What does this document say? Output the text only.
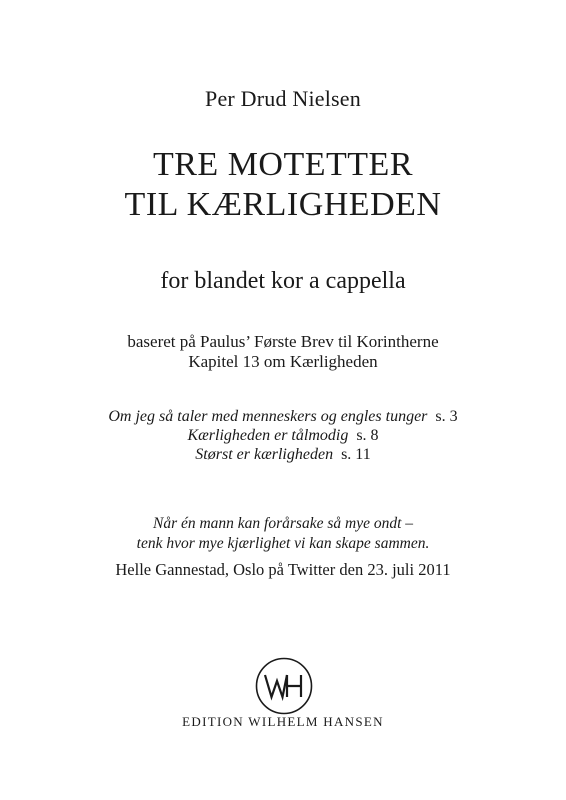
Per Drud Nielsen
TRE MOTETTER
TIL KÆRLIGHEDEN
for blandet kor a cappella
baseret på Paulus’ Første Brev til Korintherne
Kapitel 13 om Kærligheden
Om jeg så taler med menneskers og engles tunger s. 3
Kærligheden er tålmodig s. 8
Størst er kærligheden s. 11
Når én mann kan forårsake så mye ondt –
tenk hvor mye kjærlighet vi kan skape sammen.
Helle Gannestad, Oslo på Twitter den 23. juli 2011
EDITION WILHELM HANSEN
